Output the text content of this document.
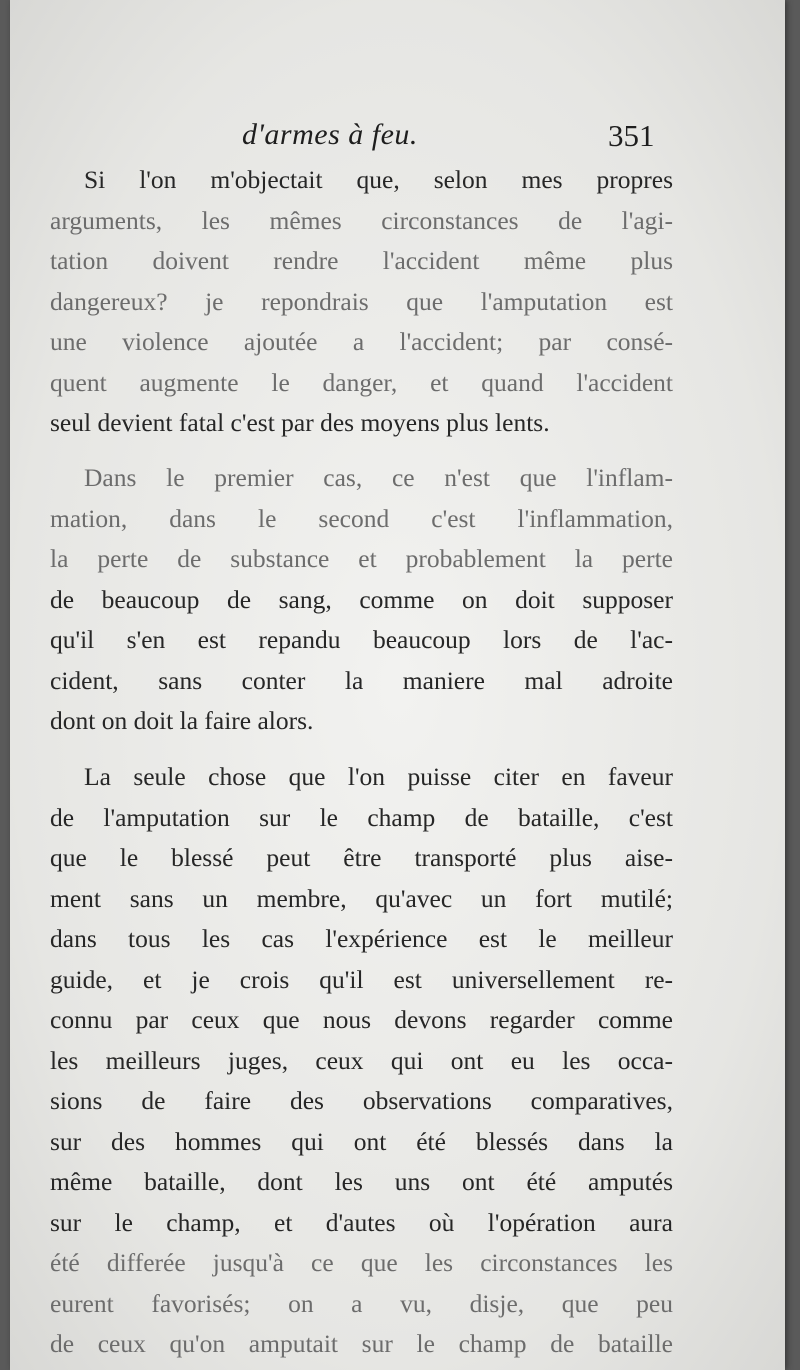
d'armes à feu.	351
Si l'on m'objectait que, selon mes propres
arguments, les mêmes circonstances de l'agi-
tation doivent rendre l'accident même plus
dangereux? je repondrais que l'amputation est
une violence ajoutée a l'accident; par consé-
quent augmente le danger, et quand l'accident
seul devient fatal c'est par des moyens plus lents.
Dans le premier cas, ce n'est que l'inflam-
mation, dans le second c'est l'inflammation,
la perte de substance et probablement la perte
de beaucoup de sang, comme on doit supposer
qu'il s'en est repandu beaucoup lors de l'ac-
cident, sans conter la maniere mal adroite
dont on doit la faire alors.
La seule chose que l'on puisse citer en faveur
de l'amputation sur le champ de bataille, c'est
que le blessé peut être transporté plus aise-
ment sans un membre, qu'avec un fort mutilé;
dans tous les cas l'expérience est le meilleur
guide, et je crois qu'il est universellement re-
connu par ceux que nous devons regarder comme
les meilleurs juges, ceux qui ont eu les occa-
sions de faire des observations comparatives,
sur des hommes qui ont été blessés dans la
même bataille, dont les uns ont été amputés
sur le champ, et d'autes où l'opération aura
été differée jusqu'à ce que les circonstances les
eurent favorisés; on a vu, disje, que peu
de ceux qu'on amputait sur le champ de bataille
